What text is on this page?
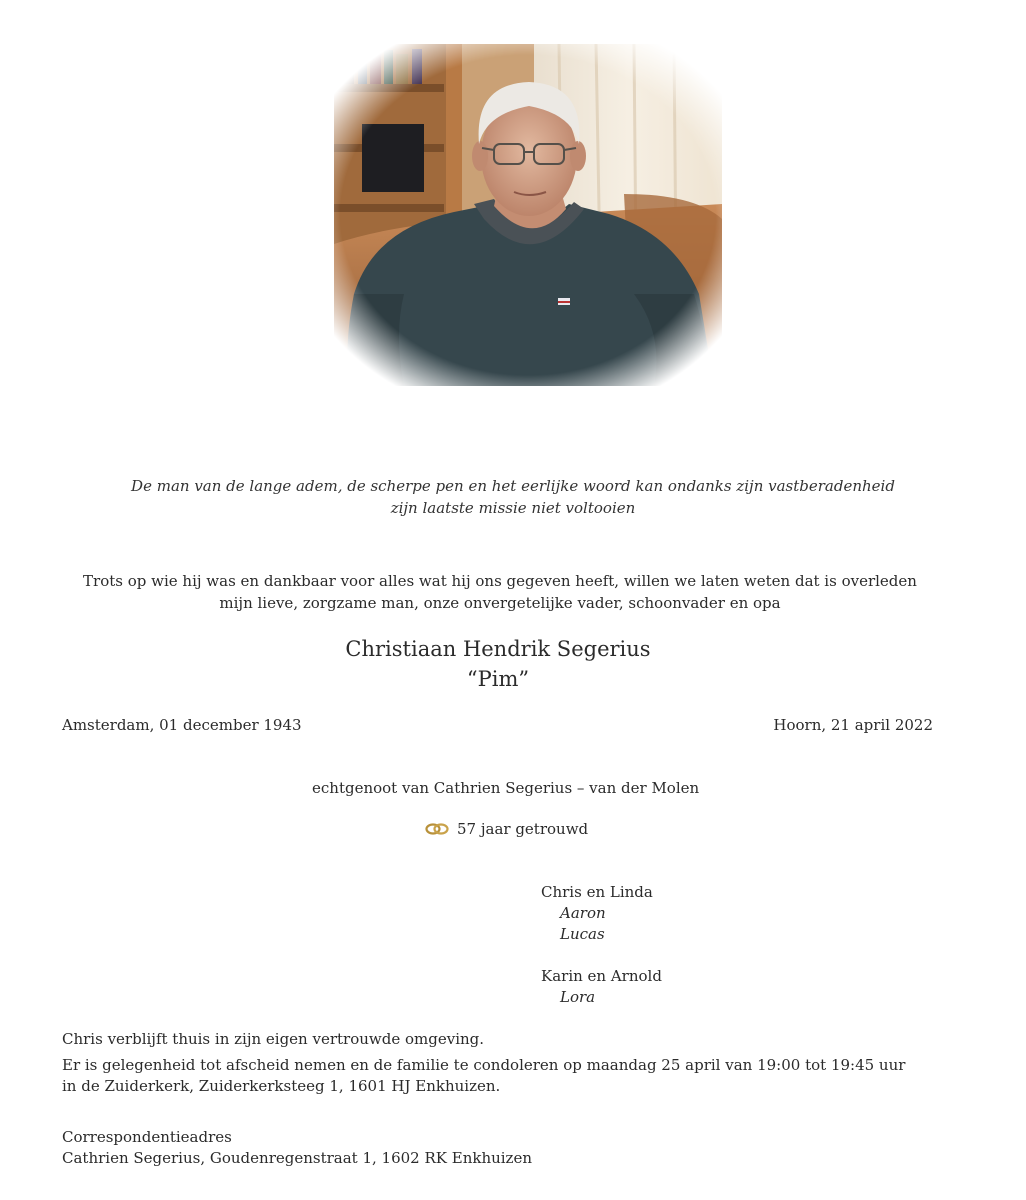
De man van de lange adem, de scherpe pen en het eerlijke woord kan ondanks zijn vastberadenheid
zijn laatste missie niet voltooien
Trots op wie hij was en dankbaar voor alles wat hij ons gegeven heeft, willen we laten weten dat is overleden
mijn lieve, zorgzame man, onze onvergetelijke vader, schoonvader en opa
Christiaan Hendrik Segerius
“Pim”
Amsterdam, 01 december 1943	Hoorn, 21 april 2022
echtgenoot van Cathrien Segerius – van der Molen
57 jaar getrouwd
Chris en Linda
Aaron
Lucas
Karin en Arnold
Lora
Chris verblijft thuis in zijn eigen vertrouwde omgeving.
Er is gelegenheid tot afscheid nemen en de familie te condoleren op maandag 25 april van 19:00 tot 19:45 uur
in de Zuiderkerk, Zuiderkerksteeg 1, 1601 HJ Enkhuizen.
Correspondentieadres
Cathrien Segerius, Goudenregenstraat 1, 1602 RK Enkhuizen
